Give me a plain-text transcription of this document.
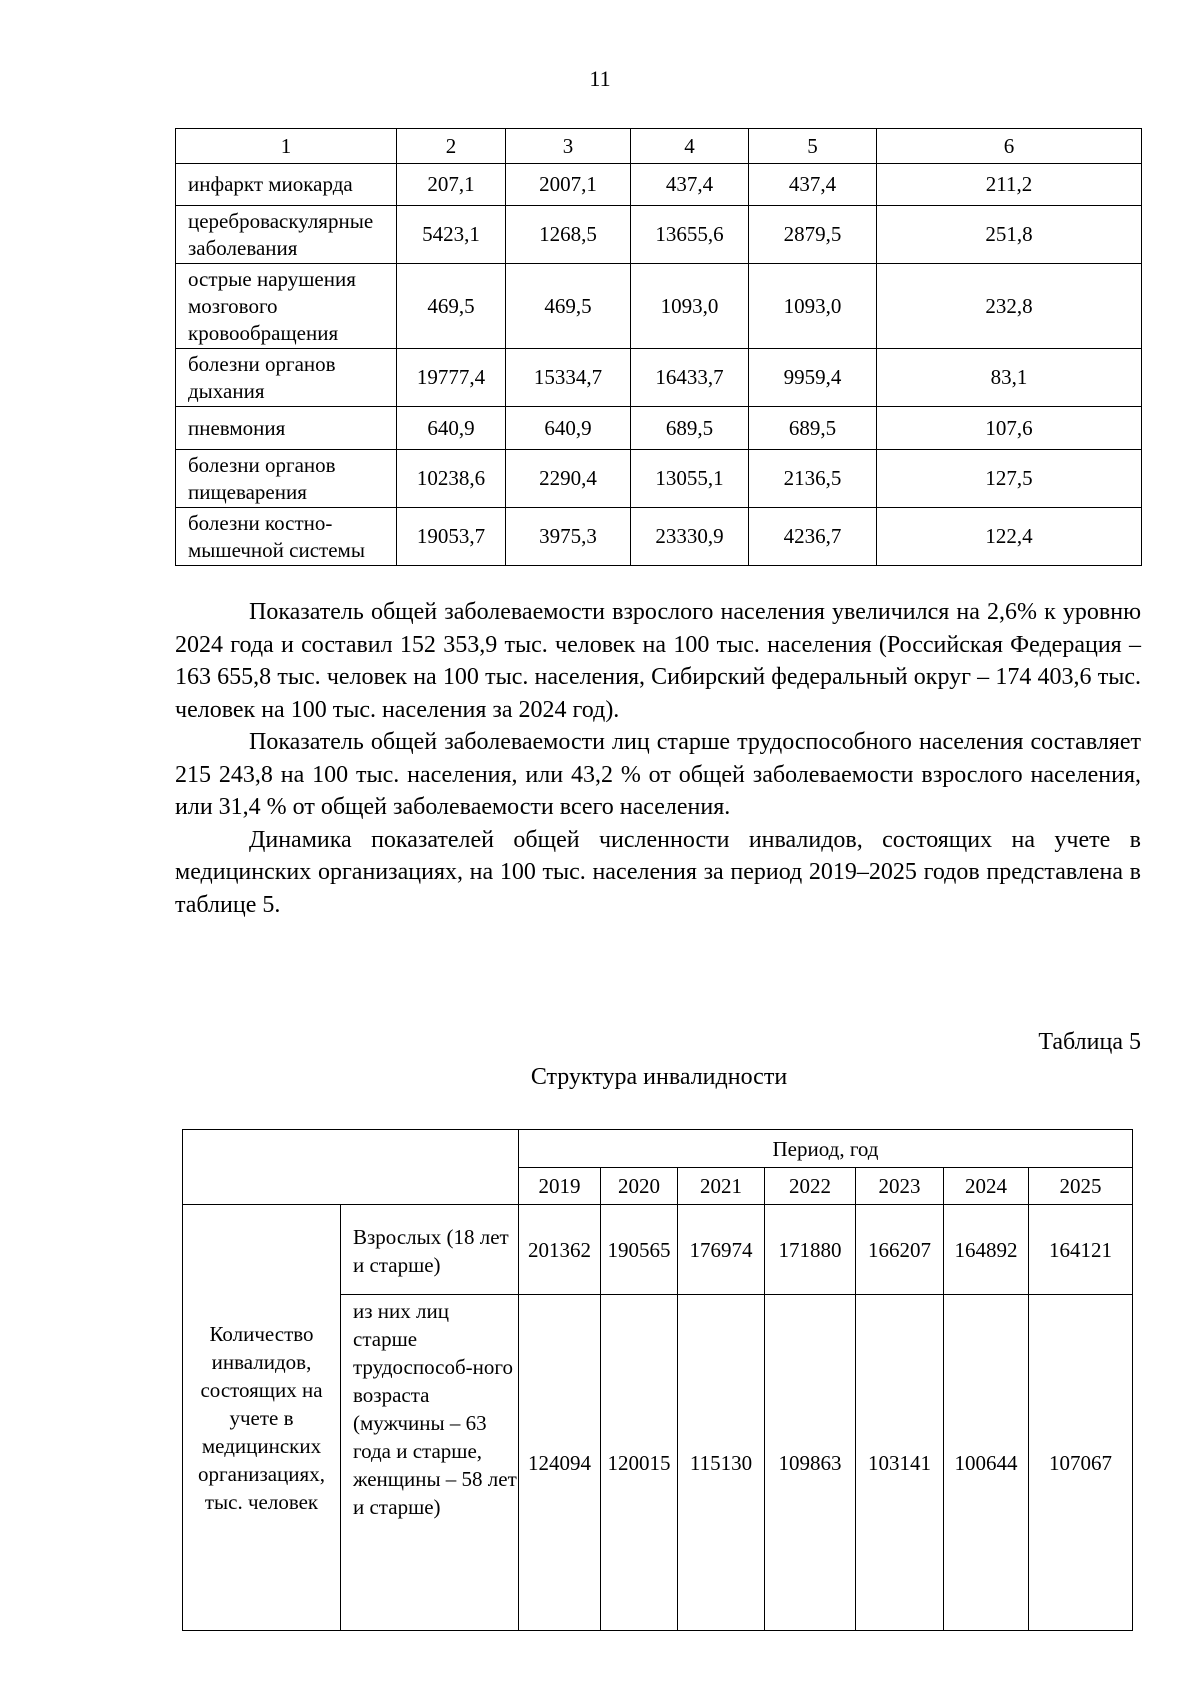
11
1	2	3	4	5	6
инфаркт миокарда	207,1	2007,1	437,4	437,4	211,2
цереброваскулярные заболевания	5423,1	1268,5	13655,6	2879,5	251,8
острые нарушения мозгового кровообращения	469,5	469,5	1093,0	1093,0	232,8
болезни органов дыхания	19777,4	15334,7	16433,7	9959,4	83,1
пневмония	640,9	640,9	689,5	689,5	107,6
болезни органов пищеварения	10238,6	2290,4	13055,1	2136,5	127,5
болезни костно-мышечной системы	19053,7	3975,3	23330,9	4236,7	122,4

Показатель общей заболеваемости взрослого населения увеличился на 2,6% к уровню 2024 года и составил 152 353,9 тыс. человек на 100 тыс. населения (Российская Федерация – 163 655,8 тыс. человек на 100 тыс. населения, Сибирский федеральный округ – 174 403,6 тыс. человек на 100 тыс. населения за 2024 год).

Показатель общей заболеваемости лиц старше трудоспособного населения составляет 215 243,8 на 100 тыс. населения, или 43,2 % от общей заболеваемости взрослого населения, или 31,4 % от общей заболеваемости всего населения.

Динамика показателей общей численности инвалидов, состоящих на учете в медицинских организациях, на 100 тыс. населения за период 2019–2025 годов представлена в таблице 5.

Таблица 5
Структура инвалидности
		Период, год						
		2019	2020	2021	2022	2023	2024	2025
Количество инвалидов, состоящих на учете в медицинских организациях, тыс. человек	Взрослых (18 лет и старше)	201362	190565	176974	171880	166207	164892	164121
	из них лиц старше трудоспособ-ного возраста (мужчины – 63 года и старше, женщины – 58 лет и старше)	124094	120015	115130	109863	103141	100644	107067
